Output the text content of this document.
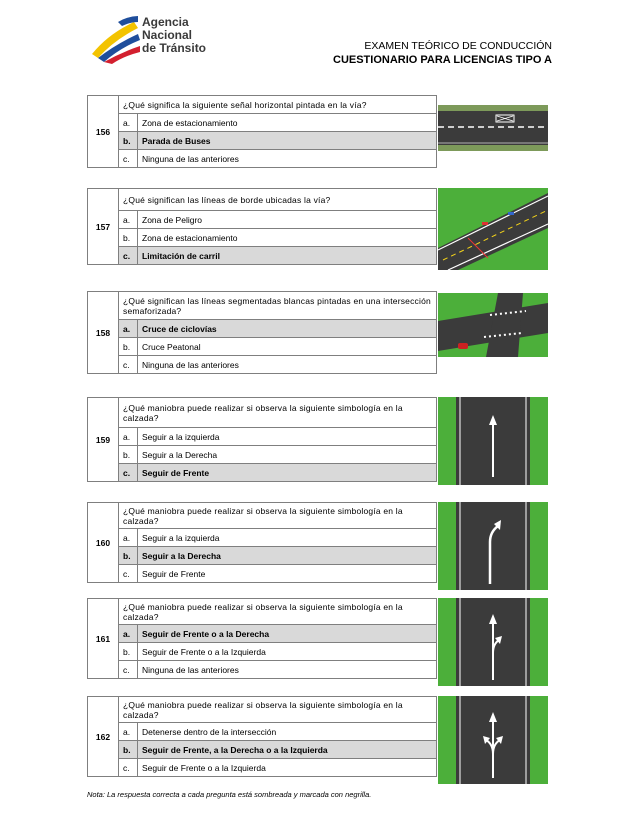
Agencia
Nacional
de Tránsito	EXAMEN TEÓRICO DE CONDUCCIÓN
CUESTIONARIO PARA LICENCIAS TIPO A
156	¿Qué significa la siguiente señal horizontal pintada en la vía?	
	a.	Zona de estacionamiento
	b.	Parada de Buses
	c.	Ninguna de las anteriores
157	¿Qué significan las líneas de borde ubicadas la vía?	
	a.	Zona de Peligro
	b.	Zona de estacionamiento
	c.	Limitación de carril
158	¿Qué significan las líneas segmentadas blancas pintadas en una intersección semaforizada?	
	a.	Cruce de ciclovías
	b.	Cruce Peatonal
	c.	Ninguna de las anteriores
159	¿Qué maniobra puede realizar si observa la siguiente simbología en la calzada?	
	a.	Seguir a la izquierda
	b.	Seguir a la Derecha
	c.	Seguir de Frente
160	¿Qué maniobra puede realizar si observa la siguiente simbología en la calzada?	
	a.	Seguir a la izquierda
	b.	Seguir a la Derecha
	c.	Seguir de Frente
161	¿Qué maniobra puede realizar si observa la siguiente simbología en la calzada?	
	a.	Seguir de Frente o a la Derecha
	b.	Seguir de Frente o a la Izquierda
	c.	Ninguna de las anteriores
162	¿Qué maniobra puede realizar si observa la siguiente simbología en la calzada?	
	a.	Detenerse dentro de la intersección
	b.	Seguir de Frente, a la Derecha o a la Izquierda
	c.	Seguir de Frente o a la Izquierda
Nota: La respuesta correcta a cada pregunta está sombreada y marcada con negrilla.
